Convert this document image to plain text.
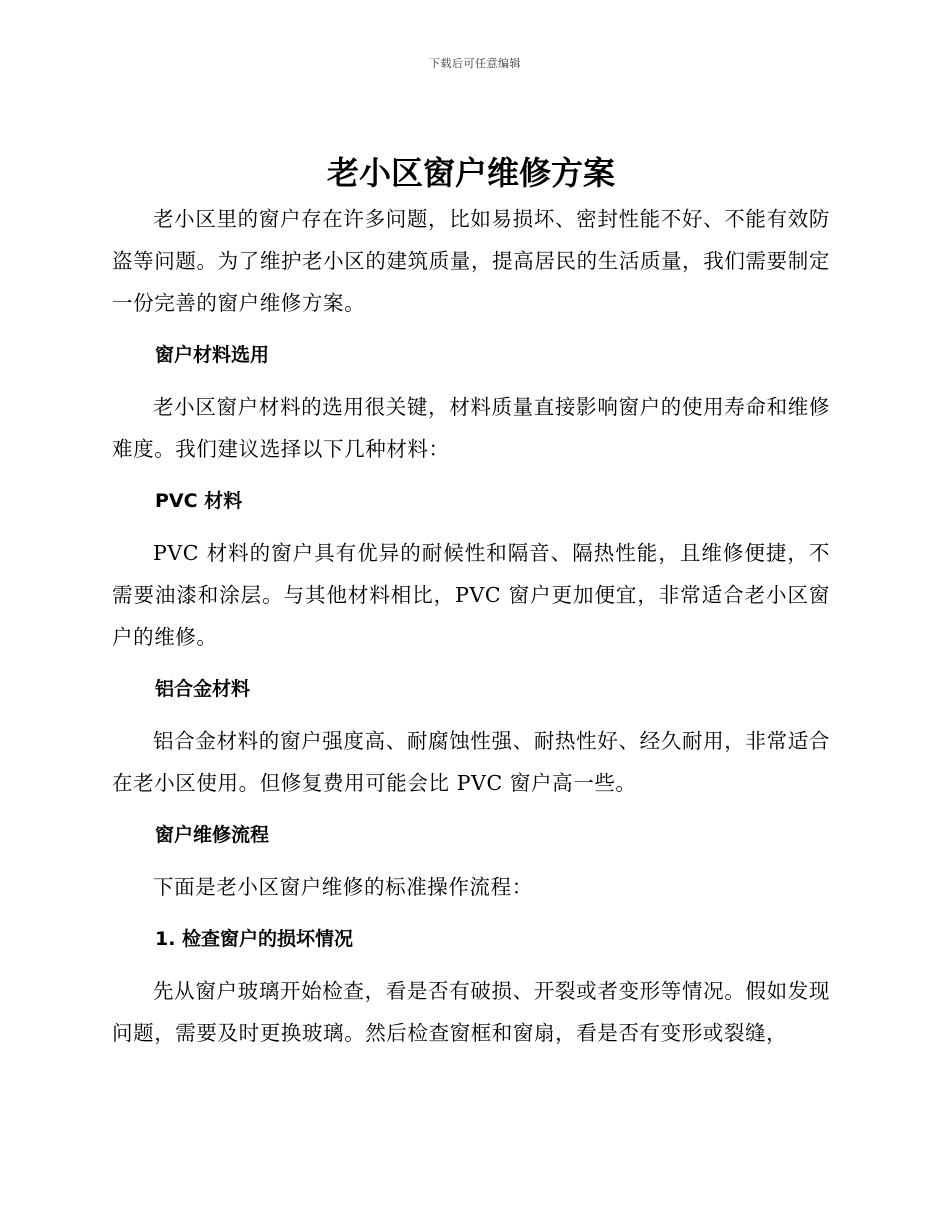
下载后可任意编辑
老小区窗户维修方案

老小区里的窗户存在许多问题，比如易损坏、密封性能不好、不能有效防盗等问题。为了维护老小区的建筑质量，提高居民的生活质量，我们需要制定一份完善的窗户维修方案。

窗户材料选用

老小区窗户材料的选用很关键，材料质量直接影响窗户的使用寿命和维修难度。我们建议选择以下几种材料：

PVC 材料

PVC 材料的窗户具有优异的耐候性和隔音、隔热性能，且维修便捷，不需要油漆和涂层。与其他材料相比，PVC 窗户更加便宜，非常适合老小区窗户的维修。

铝合金材料

铝合金材料的窗户强度高、耐腐蚀性强、耐热性好、经久耐用，非常适合在老小区使用。但修复费用可能会比 PVC 窗户高一些。

窗户维修流程

下面是老小区窗户维修的标准操作流程：

1. 检查窗户的损坏情况

先从窗户玻璃开始检查，看是否有破损、开裂或者变形等情况。假如发现问题，需要及时更换玻璃。然后检查窗框和窗扇，看是否有变形或裂缝，
